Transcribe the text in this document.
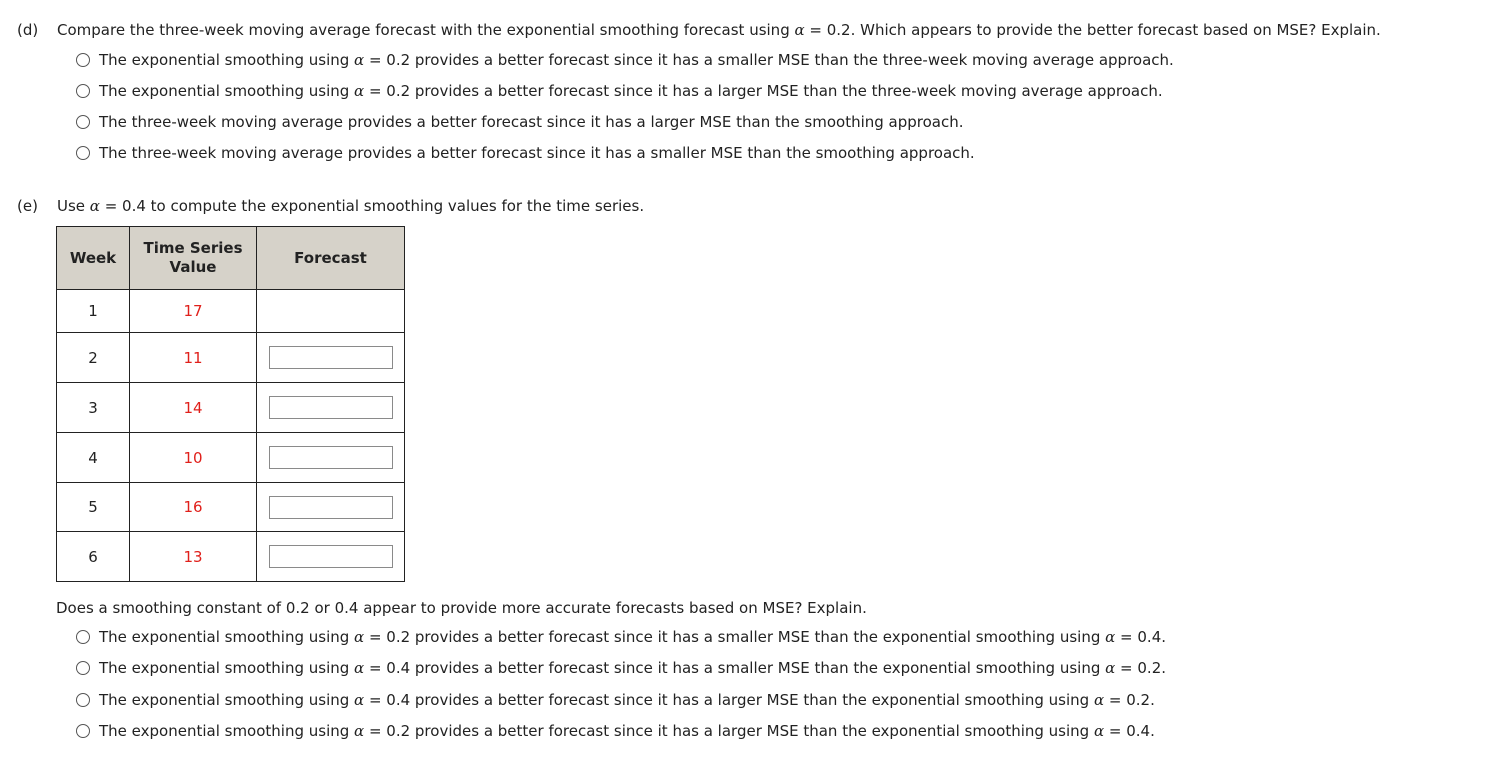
(d) Compare the three-week moving average forecast with the exponential smoothing forecast using α = 0.2. Which appears to provide the better forecast based on MSE? Explain.
The exponential smoothing using α = 0.2 provides a better forecast since it has a smaller MSE than the three-week moving average approach.
The exponential smoothing using α = 0.2 provides a better forecast since it has a larger MSE than the three-week moving average approach.
The three-week moving average provides a better forecast since it has a larger MSE than the smoothing approach.
The three-week moving average provides a better forecast since it has a smaller MSE than the smoothing approach.
(e) Use α = 0.4 to compute the exponential smoothing values for the time series.
Week	Time Series Value	Forecast
1	17	
2	11	

3	14	

4	10	

5	16	

6	13	
Does a smoothing constant of 0.2 or 0.4 appear to provide more accurate forecasts based on MSE? Explain.
The exponential smoothing using α = 0.2 provides a better forecast since it has a smaller MSE than the exponential smoothing using α = 0.4.
The exponential smoothing using α = 0.4 provides a better forecast since it has a smaller MSE than the exponential smoothing using α = 0.2.
The exponential smoothing using α = 0.4 provides a better forecast since it has a larger MSE than the exponential smoothing using α = 0.2.
The exponential smoothing using α = 0.2 provides a better forecast since it has a larger MSE than the exponential smoothing using α = 0.4.
